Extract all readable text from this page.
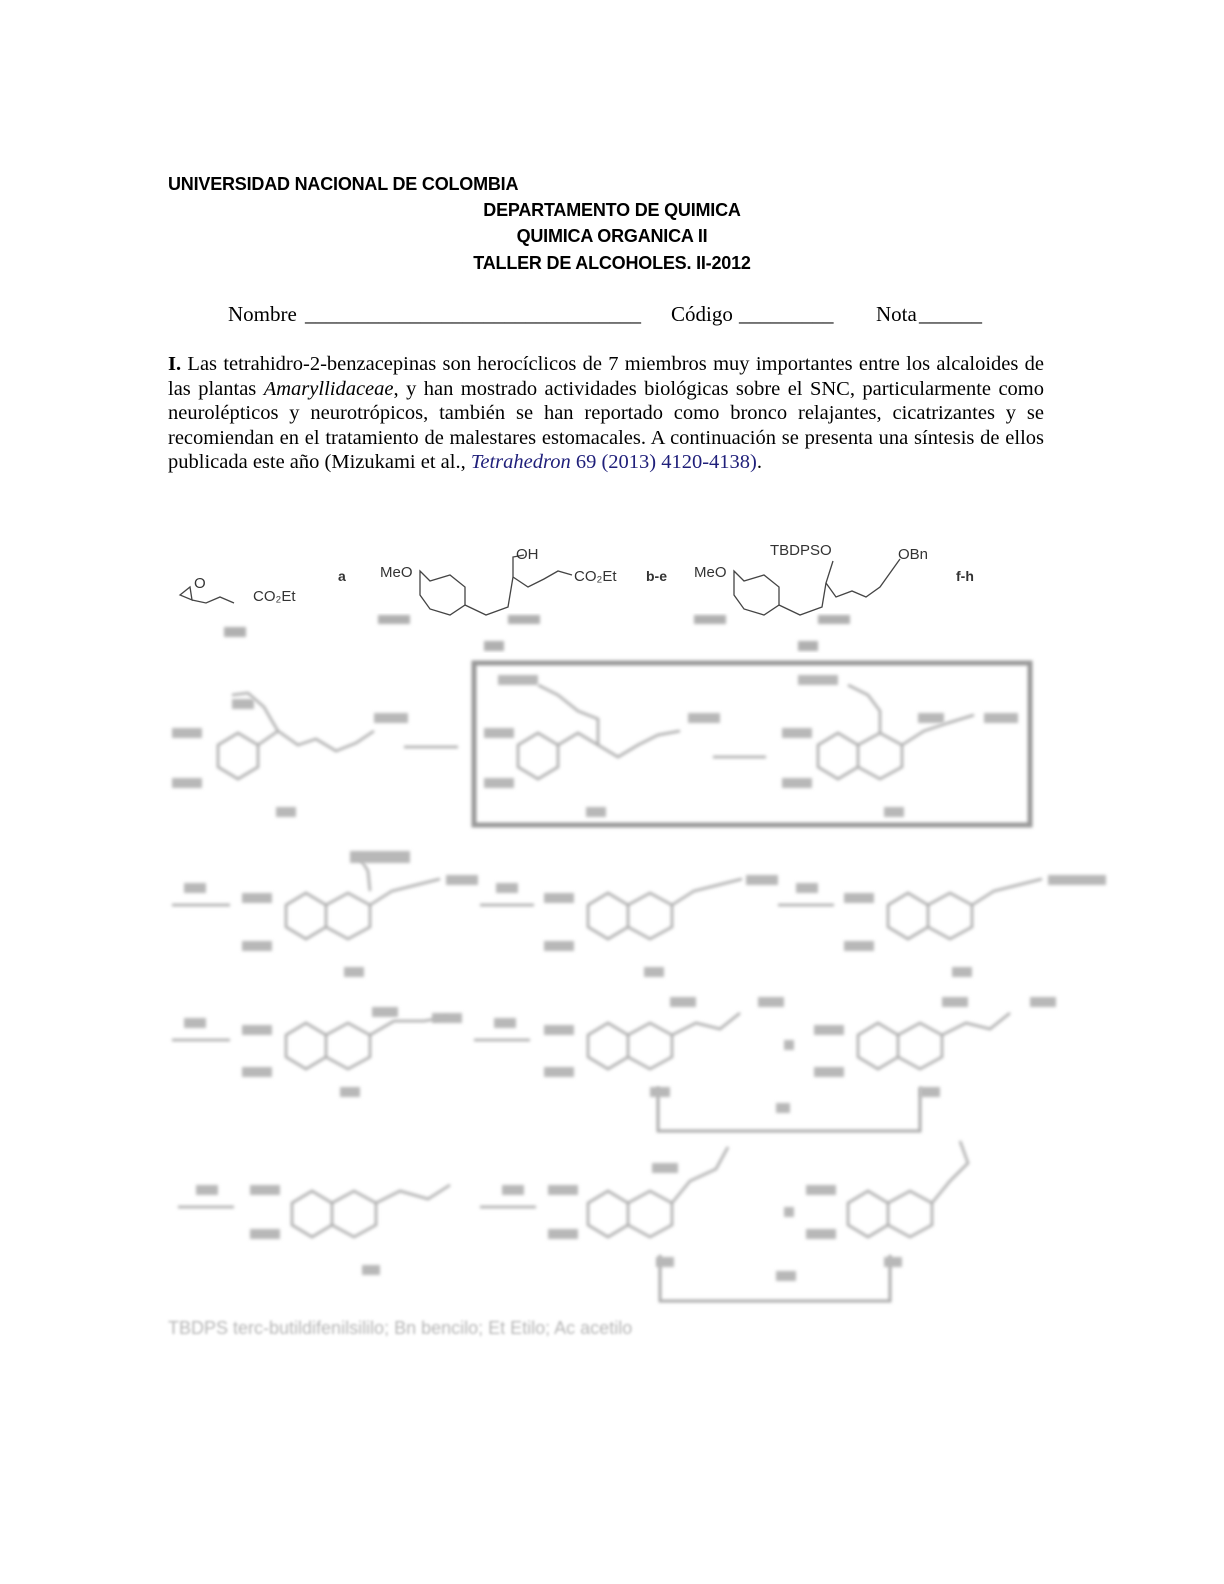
UNIVERSIDAD NACIONAL DE COLOMBIA
DEPARTAMENTO DE QUIMICA
QUIMICA ORGANICA II
TALLER DE ALCOHOLES. II-2012
Nombre ________________________________ Código _________ Nota ______
I. Las tetrahidro-2-benzacepinas son herocíclicos de 7 miembros muy importantes entre los alcaloides de las plantas Amaryllidaceae, y han mostrado actividades biológicas sobre el SNC, particularmente como neurolépticos y neurotrópicos, también se han reportado como bronco relajantes, cicatrizantes y se recomiendan en el tratamiento de malestares estomacales. A continuación se presenta una síntesis de ellos publicada este año (Mizukami et al., Tetrahedron 69 (2013) 4120-4138).
O
CO₂Et
a MeO
OH
CO₂Et b-e MeO
TBDPSO	OBn
f-h
TBDPS terc-butildifenilsililo; Bn bencilo; Et Etilo; Ac acetilo
